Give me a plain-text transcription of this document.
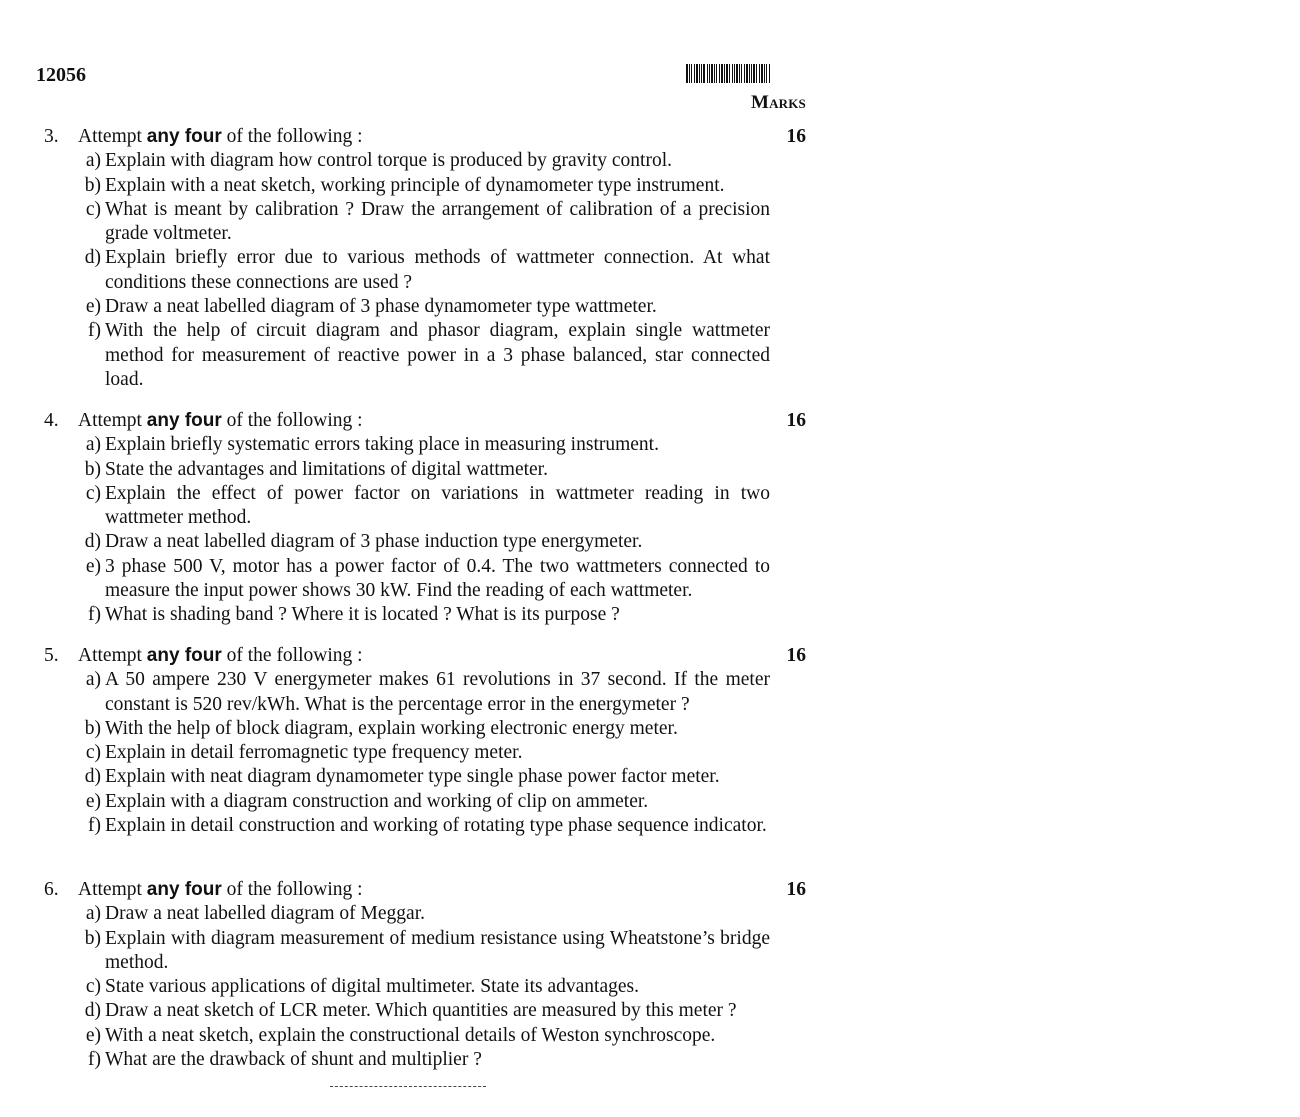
12056
Marks
3. Attempt any four of the following :	16
a) Explain with diagram how control torque is produced by gravity control.
b) Explain with a neat sketch, working principle of dynamometer type instrument.
c) What is meant by calibration ? Draw the arrangement of calibration of a precision grade voltmeter.
d) Explain briefly error due to various methods of wattmeter connection. At what conditions these connections are used ?
e) Draw a neat labelled diagram of 3 phase dynamometer type wattmeter.
f) With the help of circuit diagram and phasor diagram, explain single wattmeter method for measurement of reactive power in a 3 phase balanced, star connected load.
4. Attempt any four of the following :	16
a) Explain briefly systematic errors taking place in measuring instrument.
b) State the advantages and limitations of digital wattmeter.
c) Explain the effect of power factor on variations in wattmeter reading in two wattmeter method.
d) Draw a neat labelled diagram of 3 phase induction type energymeter.
e) 3 phase 500 V, motor has a power factor of 0.4. The two wattmeters connected to measure the input power shows 30 kW. Find the reading of each wattmeter.
f) What is shading band ? Where it is located ? What is its purpose ?
5. Attempt any four of the following :	16
a) A 50 ampere 230 V energymeter makes 61 revolutions in 37 second. If the meter constant is 520 rev/kWh. What is the percentage error in the energymeter ?
b) With the help of block diagram, explain working electronic energy meter.
c) Explain in detail ferromagnetic type frequency meter.
d) Explain with neat diagram dynamometer type single phase power factor meter.
e) Explain with a diagram construction and working of clip on ammeter.
f) Explain in detail construction and working of rotating type phase sequence indicator.
6. Attempt any four of the following :	16
a) Draw a neat labelled diagram of Meggar.
b) Explain with diagram measurement of medium resistance using Wheatstone’s bridge method.
c) State various applications of digital multimeter. State its advantages.
d) Draw a neat sketch of LCR meter. Which quantities are measured by this meter ?
e) With a neat sketch, explain the constructional details of Weston synchroscope.
f) What are the drawback of shunt and multiplier ?
